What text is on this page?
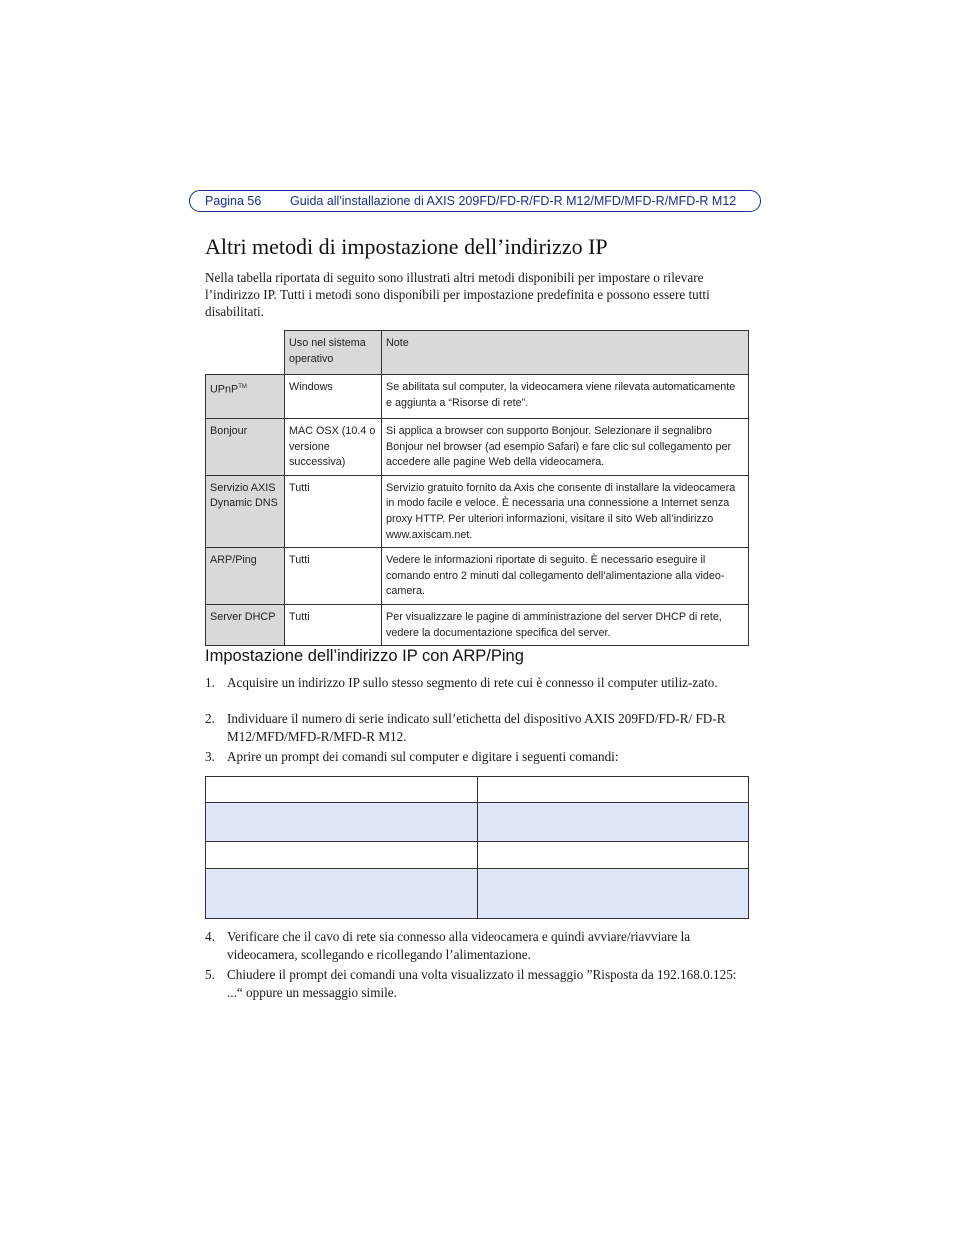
Pagina 56 Guida all'installazione di AXIS 209FD/FD-R/FD-R M12/MFD/MFD-R/MFD-R M12
Altri metodi di impostazione dell’indirizzo IP

Nella tabella riportata di seguito sono illustrati altri metodi disponibili per impostare o rilevare l’indirizzo IP. Tutti i metodi sono disponibili per impostazione predefinita e possono essere tutti disabilitati.

	Uso nel sistema operativo	Note
UPnP™	Windows	Se abilitata sul computer, la videocamera viene rilevata automaticamente e aggiunta a “Risorse di rete”.
Bonjour	MAC OSX (10.4 o versione successiva)	Si applica a browser con supporto Bonjour. Selezionare il segnalibro Bonjour nel browser (ad esempio Safari) e fare clic sul collegamento per accedere alle pagine Web della videocamera.
Servizio AXIS Dynamic DNS	Tutti	Servizio gratuito fornito da Axis che consente di installare la videocamera in modo facile e veloce. È necessaria una connessione a Internet senza proxy HTTP. Per ulteriori informazioni, visitare il sito Web all’indirizzo www.axiscam.net.
ARP/Ping	Tutti	Vedere le informazioni riportate di seguito. È necessario eseguire il comando entro 2 minuti dal collegamento dell’alimentazione alla video-camera.
Server DHCP	Tutti	Per visualizzare le pagine di amministrazione del server DHCP di rete, vedere la documentazione specifica del server.
Impostazione dell’indirizzo IP con ARP/Ping
1. Acquisire un indirizzo IP sullo stesso segmento di rete cui è connesso il computer utiliz-zato.
2. Individuare il numero di serie indicato sull’etichetta del dispositivo AXIS 209FD/FD-R/ FD-R M12/MFD/MFD-R/MFD-R M12.
3. Aprire un prompt dei comandi sul computer e digitare i seguenti comandi:

4. Verificare che il cavo di rete sia connesso alla videocamera e quindi avviare/riavviare la videocamera, scollegando e ricollegando l’alimentazione.
5. Chiudere il prompt dei comandi una volta visualizzato il messaggio ”Risposta da 192.168.0.125: ...“ oppure un messaggio simile.
